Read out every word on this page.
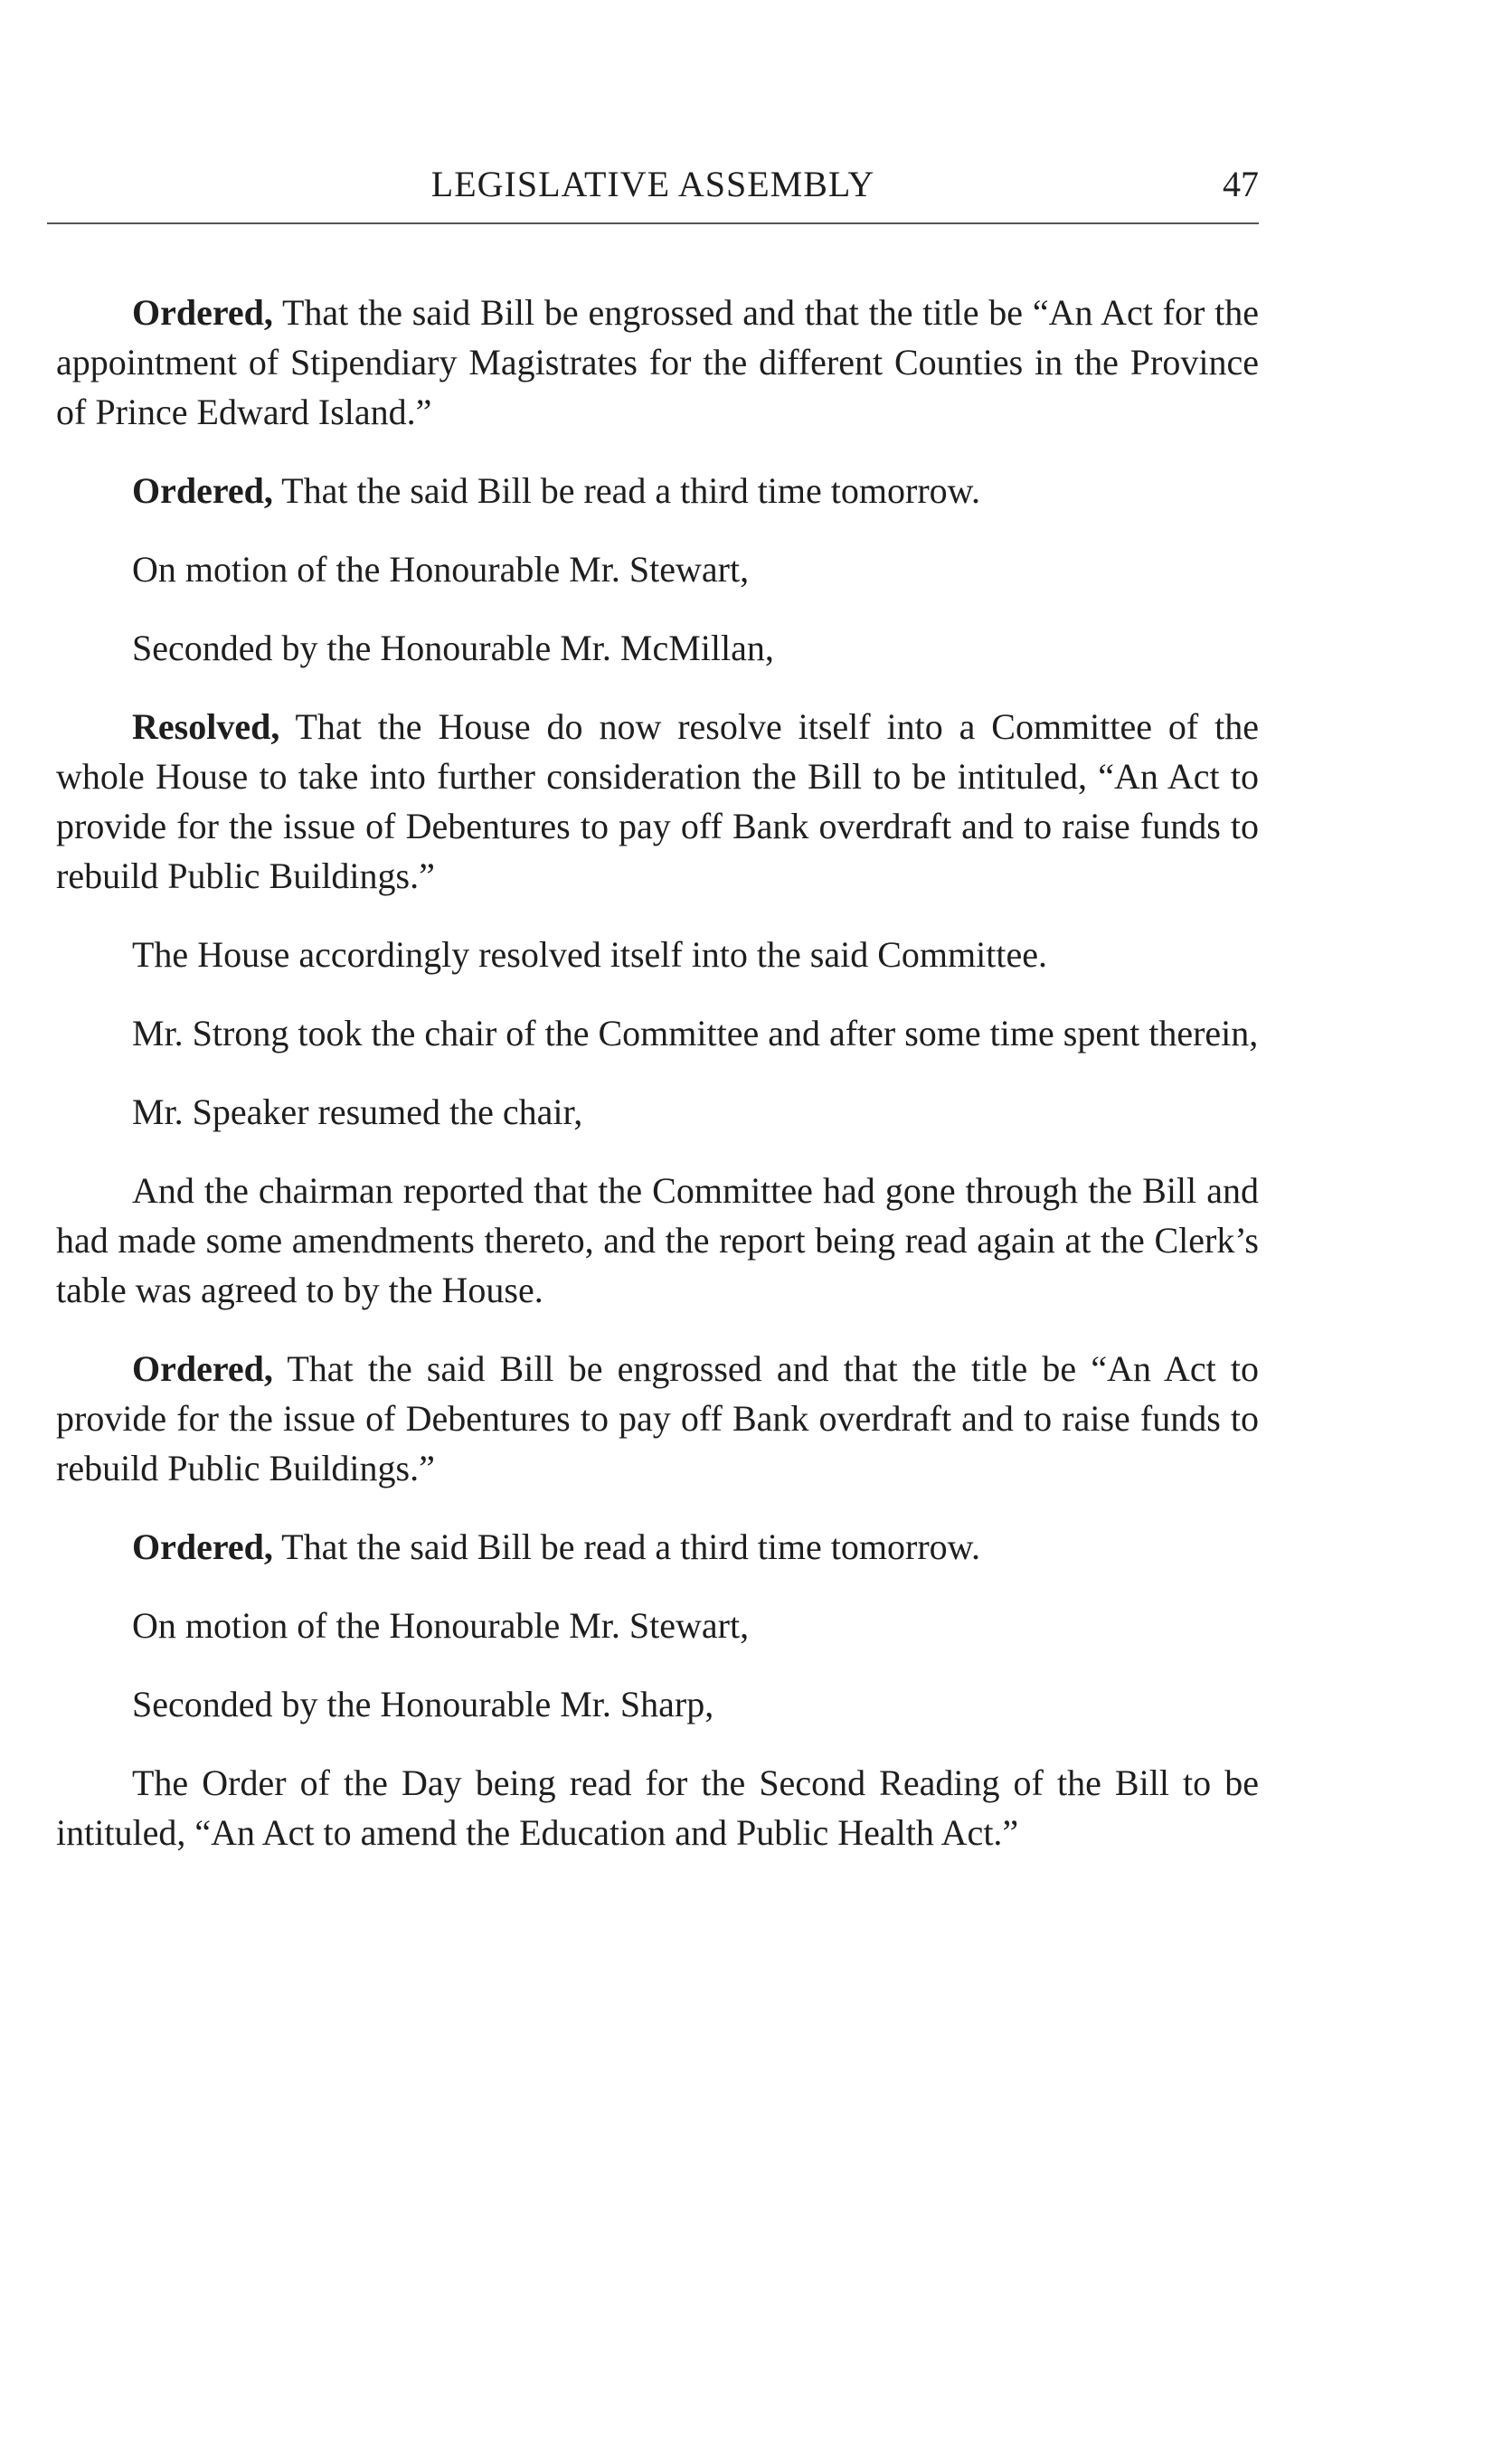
LEGISLATIVE ASSEMBLY	47

Ordered, That the said Bill be engrossed and that the title be “An Act for the appointment of Stipendiary Magistrates for the different Counties in the Province of Prince Edward Island.”

Ordered, That the said Bill be read a third time tomorrow.

On motion of the Honourable Mr. Stewart,

Seconded by the Honourable Mr. McMillan,

Resolved, That the House do now resolve itself into a Committee of the whole House to take into further consideration the Bill to be intituled, “An Act to provide for the issue of Debentures to pay off Bank overdraft and to raise funds to rebuild Public Buildings.”

The House accordingly resolved itself into the said Committee.

Mr. Strong took the chair of the Committee and after some time spent therein,

Mr. Speaker resumed the chair,

And the chairman reported that the Committee had gone through the Bill and had made some amendments thereto, and the report being read again at the Clerk’s table was agreed to by the House.

Ordered, That the said Bill be engrossed and that the title be “An Act to provide for the issue of Debentures to pay off Bank overdraft and to raise funds to rebuild Public Buildings.”

Ordered, That the said Bill be read a third time tomorrow.

On motion of the Honourable Mr. Stewart,

Seconded by the Honourable Mr. Sharp,

The Order of the Day being read for the Second Reading of the Bill to be intituled, “An Act to amend the Education and Public Health Act.”
